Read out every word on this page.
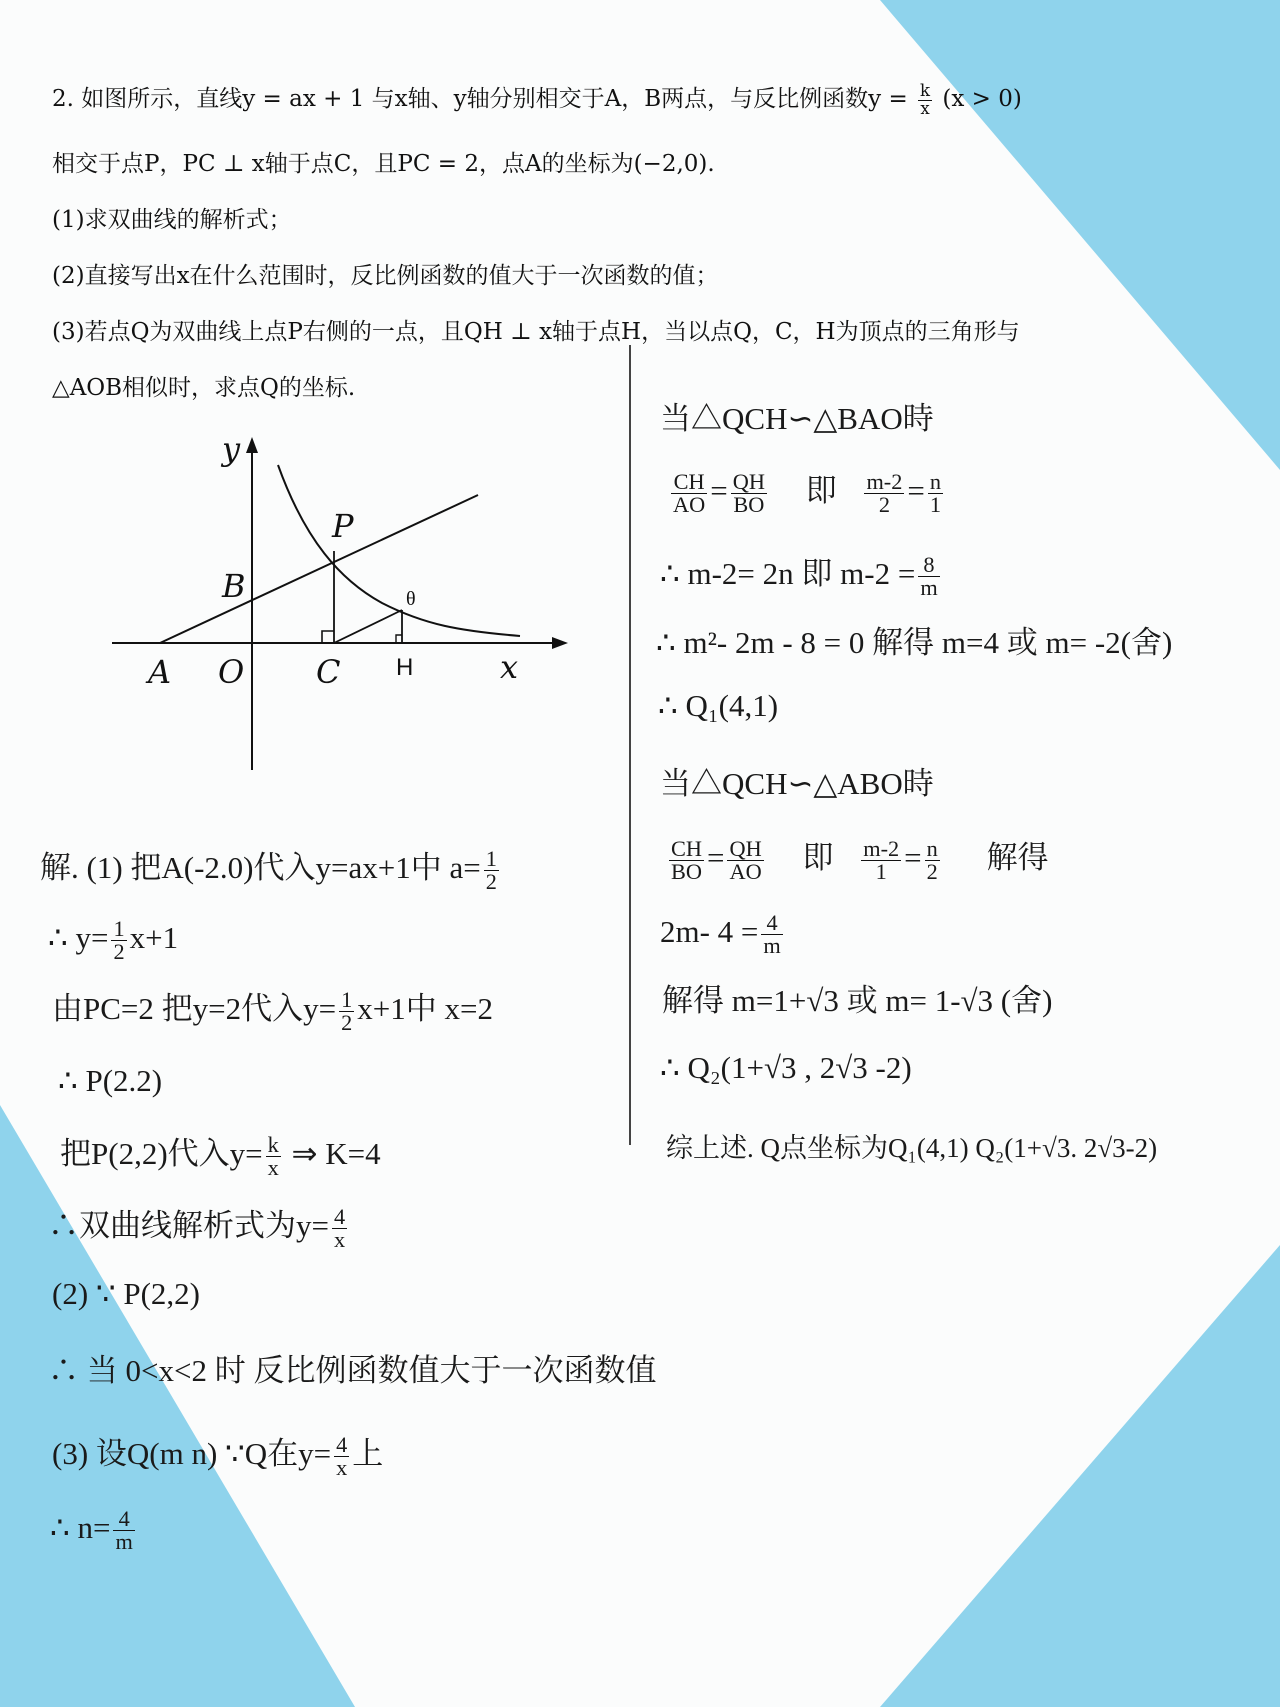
2. 如图所示，直线y = ax + 1 与x轴、y轴分别相交于A，B两点，与反比例函数$y = \frac{k}{x} (x > 0)$
相交于点P，PC ⊥ x轴于点C，且PC = 2，点A的坐标为(−2,0).
(1)求双曲线的解析式；
(2)直接写出x在什么范围时，反比例函数的值大于一次函数的值；
(3)若点Q为双曲线上点P右侧的一点，且QH ⊥ x轴于点H，当以点Q，C，H为顶点的三角形与
△AOB相似时，求点Q的坐标.
y
x
P
B
A O C H
θ
解. (1) 把A(-2.0)代入y=ax+1中 $a= \frac{1}{2}$
∴ $y= \frac{1}{2} x+1$
由PC=2 把y=2代入$y= \frac{1}{2} x+1$中 x=2
∴ P(2.2)
把P(2,2)代入$y= \frac{k}{x}$ ⇒ K=4
∴双曲线解析式为$y= \frac{4}{x}$
(2) ∵ P(2,2)
∴ 当 0<x<2 时 反比例函数值大于一次函数值
(3) 设Q(m n) ∵Q在$y= \frac{4}{x}$ 上
∴ $n= \frac{4}{m}$
当△QCH∽△BAO時
$\frac{CH}{AO} = \frac{QH}{BO}$ 即 $\frac{m-2}{2} = \frac{n}{1}$
∴ m-2= 2n 即 $m-2 = \frac{8}{m}$
∴ m²- 2m - 8 = 0 解得 m=4 或 m= -2(舍)
∴ Q₁(4,1)
当△QCH∽△ABO時
$\frac{CH}{BO} = \frac{QH}{AO}$ 即 $\frac{m-2}{1} = \frac{n}{2}$ 解得
2m- $4 = \frac{4}{m}$
解得 m=1+√3 或 m= 1-√3 (舍)
∴ Q₂(1+√3 , 2√3 -2)
综上述. Q点坐标为Q₁(4,1) Q₂(1+√3. 2√3-2)
